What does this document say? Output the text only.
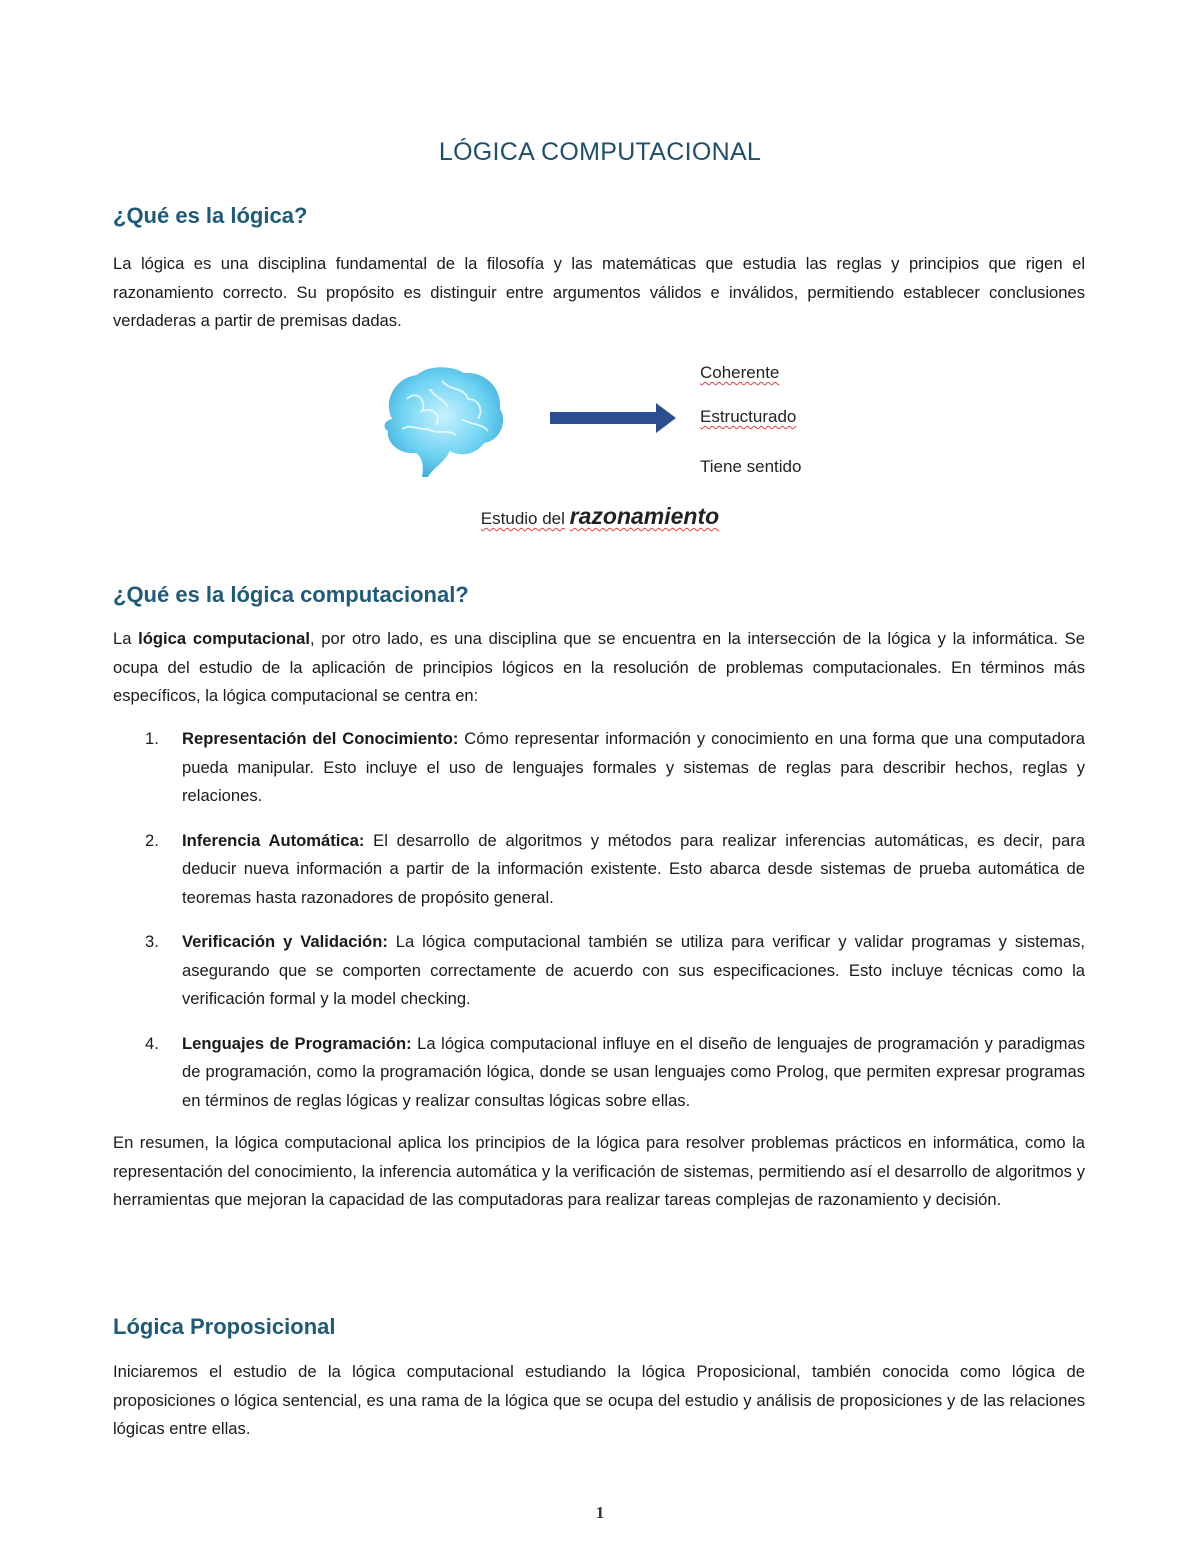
LÓGICA COMPUTACIONAL
¿Qué es la lógica?
La lógica es una disciplina fundamental de la filosofía y las matemáticas que estudia las reglas y principios que rigen el razonamiento correcto. Su propósito es distinguir entre argumentos válidos e inválidos, permitiendo establecer conclusiones verdaderas a partir de premisas dadas.
Coherente
Estructurado
Tiene sentido
Estudio del razonamiento
¿Qué es la lógica computacional?
La lógica computacional, por otro lado, es una disciplina que se encuentra en la intersección de la lógica y la informática. Se ocupa del estudio de la aplicación de principios lógicos en la resolución de problemas computacionales. En términos más específicos, la lógica computacional se centra en:
1. Representación del Conocimiento: Cómo representar información y conocimiento en una forma que una computadora pueda manipular. Esto incluye el uso de lenguajes formales y sistemas de reglas para describir hechos, reglas y relaciones.
2. Inferencia Automática: El desarrollo de algoritmos y métodos para realizar inferencias automáticas, es decir, para deducir nueva información a partir de la información existente. Esto abarca desde sistemas de prueba automática de teoremas hasta razonadores de propósito general.
3. Verificación y Validación: La lógica computacional también se utiliza para verificar y validar programas y sistemas, asegurando que se comporten correctamente de acuerdo con sus especificaciones. Esto incluye técnicas como la verificación formal y la model checking.
4. Lenguajes de Programación: La lógica computacional influye en el diseño de lenguajes de programación y paradigmas de programación, como la programación lógica, donde se usan lenguajes como Prolog, que permiten expresar programas en términos de reglas lógicas y realizar consultas lógicas sobre ellas.
En resumen, la lógica computacional aplica los principios de la lógica para resolver problemas prácticos en informática, como la representación del conocimiento, la inferencia automática y la verificación de sistemas, permitiendo así el desarrollo de algoritmos y herramientas que mejoran la capacidad de las computadoras para realizar tareas complejas de razonamiento y decisión.
Lógica Proposicional
Iniciaremos el estudio de la lógica computacional estudiando la lógica Proposicional, también conocida como lógica de proposiciones o lógica sentencial, es una rama de la lógica que se ocupa del estudio y análisis de proposiciones y de las relaciones lógicas entre ellas.
1
